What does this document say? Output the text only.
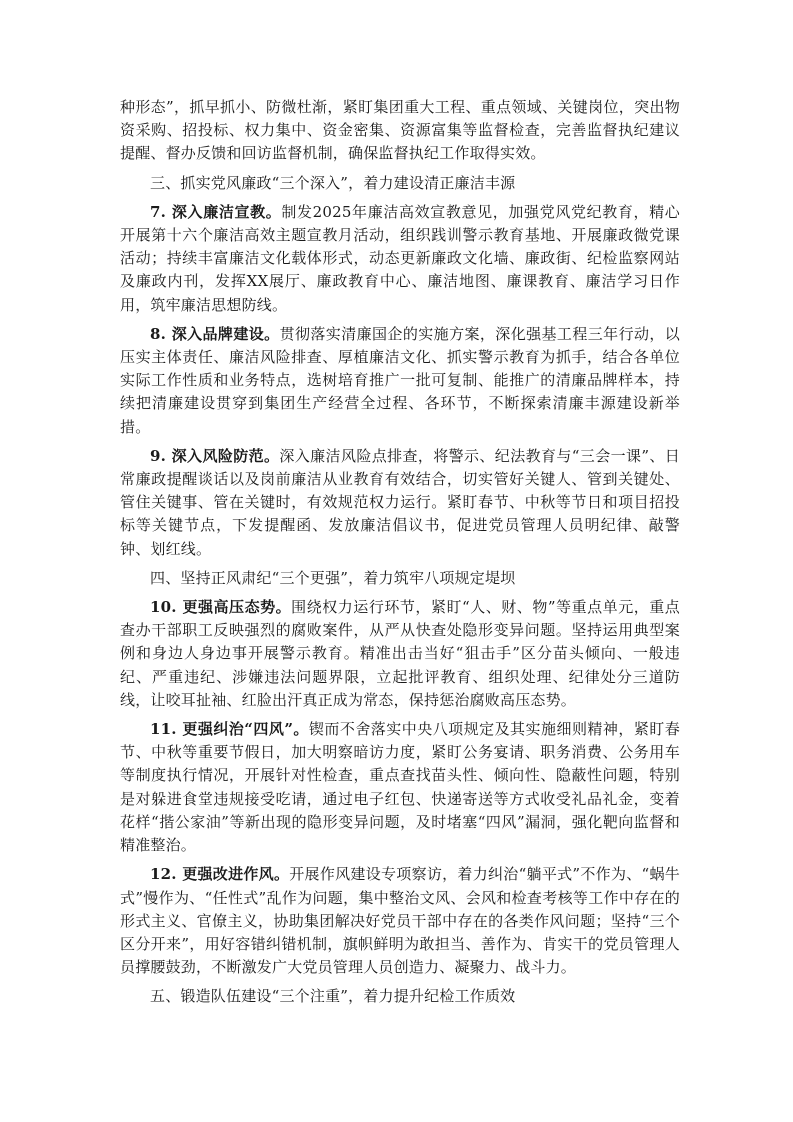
种形态”，抓早抓小、防微杜渐，紧盯集团重大工程、重点领域、关键岗位，突出物资采购、招投标、权力集中、资金密集、资源富集等监督检查，完善监督执纪建议提醒、督办反馈和回访监督机制，确保监督执纪工作取得实效。

三、抓实党风廉政“三个深入”，着力建设清正廉洁丰源

7. 深入廉洁宣教。制发2025年廉洁高效宣教意见，加强党风党纪教育，精心开展第十六个廉洁高效主题宣教月活动，组织践训警示教育基地、开展廉政微党课活动；持续丰富廉洁文化载体形式，动态更新廉政文化墙、廉政街、纪检监察网站及廉政内刊，发挥XX展厅、廉政教育中心、廉洁地图、廉课教育、廉洁学习日作用，筑牢廉洁思想防线。

8. 深入品牌建设。贯彻落实清廉国企的实施方案，深化强基工程三年行动，以压实主体责任、廉洁风险排查、厚植廉洁文化、抓实警示教育为抓手，结合各单位实际工作性质和业务特点，选树培育推广一批可复制、能推广的清廉品牌样本，持续把清廉建设贯穿到集团生产经营全过程、各环节，不断探索清廉丰源建设新举措。

9. 深入风险防范。深入廉洁风险点排查，将警示、纪法教育与“三会一课”、日常廉政提醒谈话以及岗前廉洁从业教育有效结合，切实管好关键人、管到关键处、管住关键事、管在关键时，有效规范权力运行。紧盯春节、中秋等节日和项目招投标等关键节点，下发提醒函、发放廉洁倡议书，促进党员管理人员明纪律、敲警钟、划红线。

四、坚持正风肃纪“三个更强”，着力筑牢八项规定堤坝

10. 更强高压态势。围绕权力运行环节，紧盯“人、财、物”等重点单元，重点查办干部职工反映强烈的腐败案件，从严从快查处隐形变异问题。坚持运用典型案例和身边人身边事开展警示教育。精准出击当好“狙击手”区分苗头倾向、一般违纪、严重违纪、涉嫌违法问题界限，立起批评教育、组织处理、纪律处分三道防线，让咬耳扯袖、红脸出汗真正成为常态，保持惩治腐败高压态势。

11. 更强纠治“四风”。锲而不舍落实中央八项规定及其实施细则精神，紧盯春节、中秋等重要节假日，加大明察暗访力度，紧盯公务宴请、职务消费、公务用车等制度执行情况，开展针对性检查，重点查找苗头性、倾向性、隐蔽性问题，特别是对躲进食堂违规接受吃请，通过电子红包、快递寄送等方式收受礼品礼金，变着花样“揩公家油”等新出现的隐形变异问题，及时堵塞“四风”漏洞，强化靶向监督和精准整治。

12. 更强改进作风。开展作风建设专项察访，着力纠治“躺平式”不作为、“蜗牛式”慢作为、“任性式”乱作为问题，集中整治文风、会风和检查考核等工作中存在的形式主义、官僚主义，协助集团解决好党员干部中存在的各类作风问题；坚持“三个区分开来”，用好容错纠错机制，旗帜鲜明为敢担当、善作为、肯实干的党员管理人员撑腰鼓劲，不断激发广大党员管理人员创造力、凝聚力、战斗力。

五、锻造队伍建设“三个注重”，着力提升纪检工作质效
